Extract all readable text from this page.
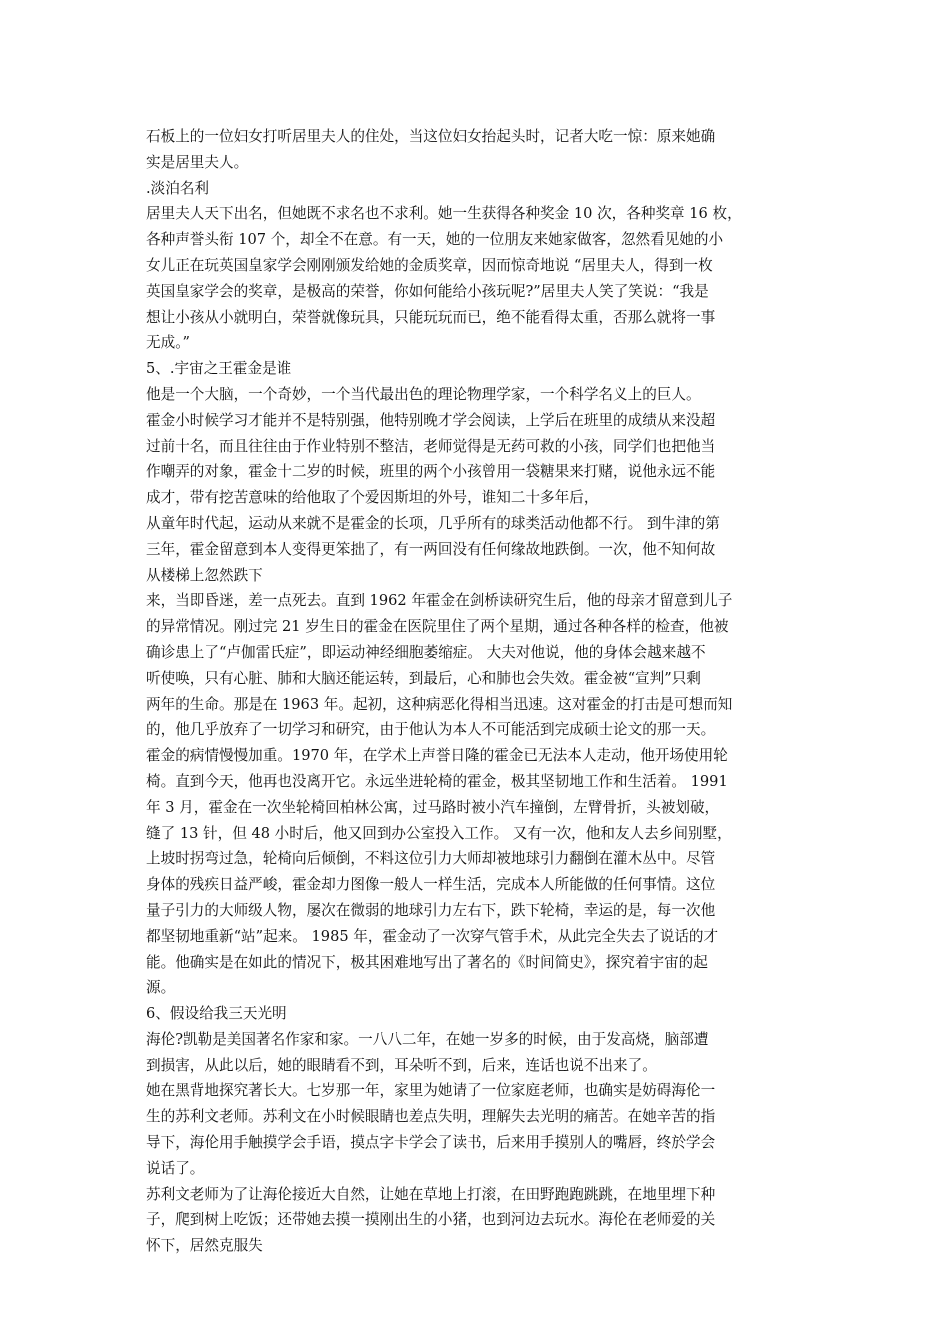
石板上的一位妇女打听居里夫人的住处，当这位妇女抬起头时，记者大吃一惊：原来她确
实是居里夫人。
.淡泊名利
居里夫人天下出名，但她既不求名也不求利。她一生获得各种奖金 10 次，各种奖章 16 枚，
各种声誉头衔 107 个，却全不在意。有一天，她的一位朋友来她家做客，忽然看见她的小
女儿正在玩英国皇家学会刚刚颁发给她的金质奖章，因而惊奇地说 “居里夫人，得到一枚
英国皇家学会的奖章，是极高的荣誉，你如何能给小孩玩呢?”居里夫人笑了笑说：“我是
想让小孩从小就明白，荣誉就像玩具，只能玩玩而已，绝不能看得太重，否那么就将一事
无成。”
5、.宇宙之王霍金是谁
他是一个大脑，一个奇妙，一个当代最出色的理论物理学家，一个科学名义上的巨人。
霍金小时候学习才能并不是特别强，他特别晚才学会阅读，上学后在班里的成绩从来没超
过前十名，而且往往由于作业特别不整洁，老师觉得是无药可救的小孩，同学们也把他当
作嘲弄的对象，霍金十二岁的时候，班里的两个小孩曾用一袋糖果来打赌，说他永远不能
成才，带有挖苦意味的给他取了个爱因斯坦的外号，谁知二十多年后，
从童年时代起，运动从来就不是霍金的长项，几乎所有的球类活动他都不行。 到牛津的第
三年，霍金留意到本人变得更笨拙了，有一两回没有任何缘故地跌倒。一次，他不知何故
从楼梯上忽然跌下
来，当即昏迷，差一点死去。直到 1962 年霍金在剑桥读研究生后，他的母亲才留意到儿子
的异常情况。刚过完 21 岁生日的霍金在医院里住了两个星期，通过各种各样的检查，他被
确诊患上了“卢伽雷氏症”，即运动神经细胞萎缩症。 大夫对他说，他的身体会越来越不
听使唤，只有心脏、肺和大脑还能运转，到最后，心和肺也会失效。霍金被“宣判”只剩
两年的生命。那是在 1963 年。起初，这种病恶化得相当迅速。这对霍金的打击是可想而知
的，他几乎放弃了一切学习和研究，由于他认为本人不可能活到完成硕士论文的那一天。
霍金的病情慢慢加重。1970 年，在学术上声誉日隆的霍金已无法本人走动，他开场使用轮
椅。直到今天，他再也没离开它。永远坐进轮椅的霍金，极其坚韧地工作和生活着。 1991
年 3 月，霍金在一次坐轮椅回柏林公寓，过马路时被小汽车撞倒，左臂骨折，头被划破，
缝了 13 针，但 48 小时后，他又回到办公室投入工作。 又有一次，他和友人去乡间别墅，
上坡时拐弯过急，轮椅向后倾倒，不料这位引力大师却被地球引力翻倒在灌木丛中。尽管
身体的残疾日益严峻，霍金却力图像一般人一样生活，完成本人所能做的任何事情。这位
量子引力的大师级人物，屡次在微弱的地球引力左右下，跌下轮椅，幸运的是，每一次他
都坚韧地重新“站”起来。 1985 年，霍金动了一次穿气管手术，从此完全失去了说话的才
能。他确实是在如此的情况下，极其困难地写出了著名的《时间简史》，探究着宇宙的起
源。
6、假设给我三天光明
海伦?凯勒是美国著名作家和家。一八八二年，在她一岁多的时候，由于发高烧，脑部遭
到损害，从此以后，她的眼睛看不到，耳朵听不到，后来，连话也说不出来了。
她在黑背地探究著长大。七岁那一年，家里为她请了一位家庭老师，也确实是妨碍海伦一
生的苏利文老师。苏利文在小时候眼睛也差点失明，理解失去光明的痛苦。在她辛苦的指
导下，海伦用手触摸学会手语，摸点字卡学会了读书，后来用手摸别人的嘴唇，终於学会
说话了。
苏利文老师为了让海伦接近大自然，让她在草地上打滚，在田野跑跑跳跳，在地里埋下种
子，爬到树上吃饭；还带她去摸一摸刚出生的小猪，也到河边去玩水。海伦在老师爱的关
怀下，居然克服失
